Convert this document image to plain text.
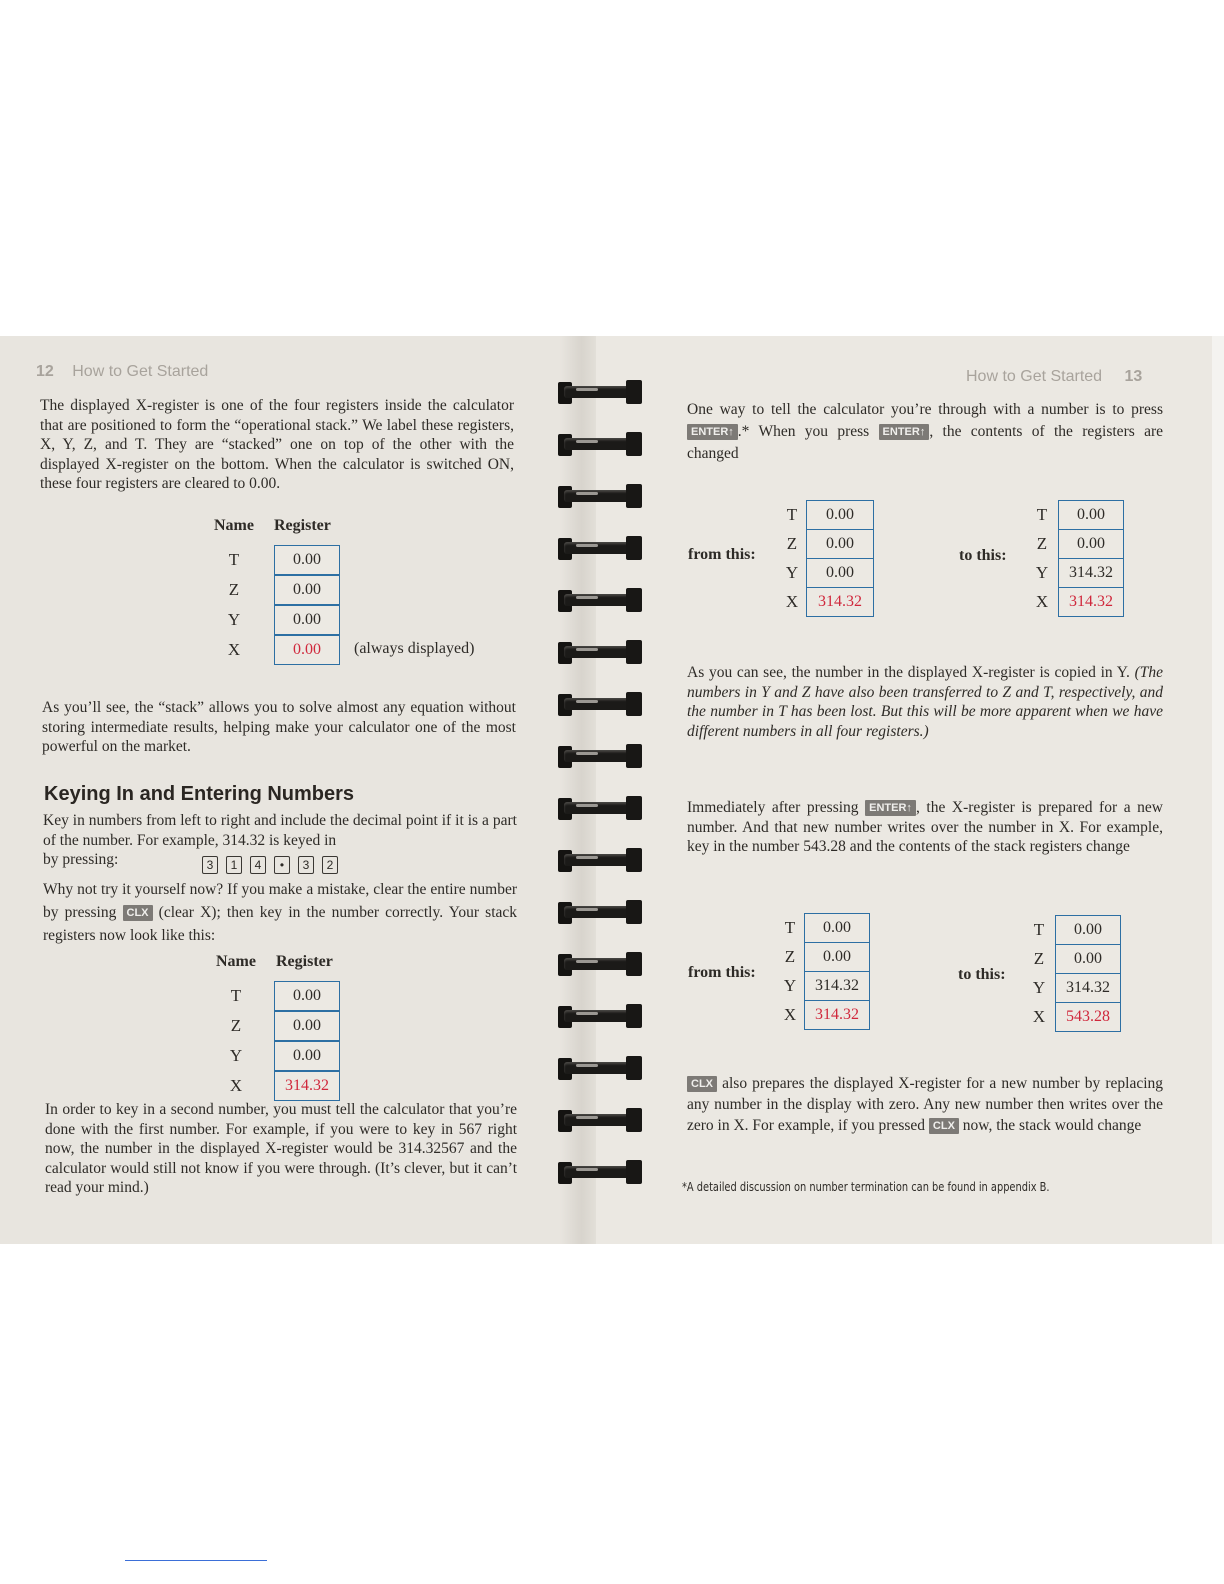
12 How to Get Started

The displayed X-register is one of the four registers inside the calculator that are positioned to form the “operational stack.” We label these registers, X, Y, Z, and T. They are “stacked” one on top of the other with the displayed X-register on the bottom. When the calculator is switched ON, these four registers are cleared to 0.00.

Name Register
T	0.00
Z	0.00
Y	0.00
X	0.00	(always displayed)

As you’ll see, the “stack” allows you to solve almost any equation without storing intermediate results, helping make your calculator one of the most powerful on the market.

Keying In and Entering Numbers

Key in numbers from left to right and include the decimal point if it is a part of the number. For example, 314.32 is keyed in
by pressing:	3 1 4 • 3 2

Why not try it yourself now? If you make a mistake, clear the entire number by pressing CLX (clear X); then key in the number correctly. Your stack registers now look like this:

Name Register
T	0.00
Z	0.00
Y	0.00
X	314.32

In order to key in a second number, you must tell the calculator that you’re done with the first number. For example, if you were to key in 567 right now, the number in the displayed X-register would be 314.32567 and the calculator would still not know if you were through. (It’s clever, but it can’t read your mind.)

How to Get Started 13

One way to tell the calculator you’re through with a number is to press ENTER↑ .* When you press ENTER↑ , the contents of the registers are changed

from this:
T	0.00
Z	0.00
Y	0.00
X	314.32
to this:
T	0.00
Z	0.00
Y	314.32
X	314.32

As you can see, the number in the displayed X-register is copied in Y. (The numbers in Y and Z have also been transferred to Z and T, respectively, and the number in T has been lost. But this will be more apparent when we have different numbers in all four registers.)

Immediately after pressing ENTER↑ , the X-register is prepared for a new number. And that new number writes over the number in X. For example, key in the number 543.28 and the contents of the stack registers change

from this:
T	0.00
Z	0.00
Y	314.32
X	314.32
to this:
T	0.00
Z	0.00
Y	314.32
X	543.28

CLX also prepares the displayed X-register for a new number by replacing any number in the display with zero. Any new number then writes over the zero in X. For example, if you pressed CLX now, the stack would change

*A detailed discussion on number termination can be found in appendix B.
